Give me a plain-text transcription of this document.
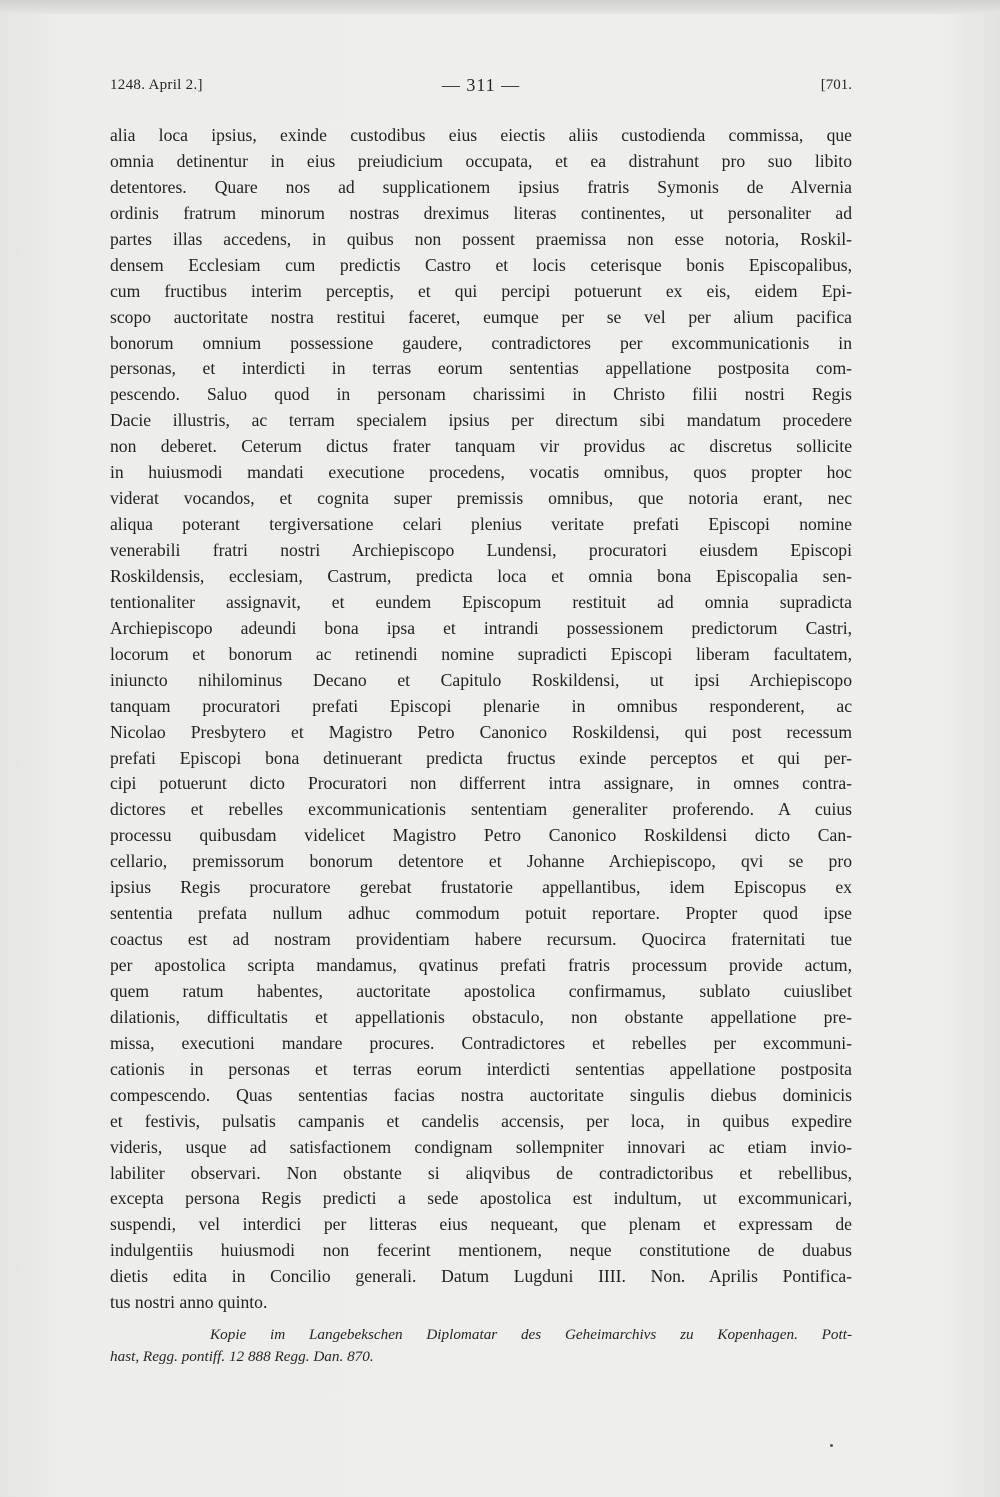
1248. April 2.]	— 311 —	[701.
alia loca ipsius, exinde custodibus eius eiectis aliis custodienda commissa, que
omnia detinentur in eius preiudicium occupata, et ea distrahunt pro suo libito
detentores. Quare nos ad supplicationem ipsius fratris Symonis de Alvernia
ordinis fratrum minorum nostras dreximus literas continentes, ut personaliter ad
partes illas accedens, in quibus non possent praemissa non esse notoria, Roskil-
densem Ecclesiam cum predictis Castro et locis ceterisque bonis Episcopalibus,
cum fructibus interim perceptis, et qui percipi potuerunt ex eis, eidem Epi-
scopo auctoritate nostra restitui faceret, eumque per se vel per alium pacifica
bonorum omnium possessione gaudere, contradictores per excommunicationis in
personas, et interdicti in terras eorum sententias appellatione postposita com-
pescendo. Saluo quod in personam charissimi in Christo filii nostri Regis
Dacie illustris, ac terram specialem ipsius per directum sibi mandatum procedere
non deberet. Ceterum dictus frater tanquam vir providus ac discretus sollicite
in huiusmodi mandati executione procedens, vocatis omnibus, quos propter hoc
viderat vocandos, et cognita super premissis omnibus, que notoria erant, nec
aliqua poterant tergiversatione celari plenius veritate prefati Episcopi nomine
venerabili fratri nostri Archiepiscopo Lundensi, procuratori eiusdem Episcopi
Roskildensis, ecclesiam, Castrum, predicta loca et omnia bona Episcopalia sen-
tentionaliter assignavit, et eundem Episcopum restituit ad omnia supradicta
Archiepiscopo adeundi bona ipsa et intrandi possessionem predictorum Castri,
locorum et bonorum ac retinendi nomine supradicti Episcopi liberam facultatem,
iniuncto nihilominus Decano et Capitulo Roskildensi, ut ipsi Archiepiscopo
tanquam procuratori prefati Episcopi plenarie in omnibus responderent, ac
Nicolao Presbytero et Magistro Petro Canonico Roskildensi, qui post recessum
prefati Episcopi bona detinuerant predicta fructus exinde perceptos et qui per-
cipi potuerunt dicto Procuratori non differrent intra assignare, in omnes contra-
dictores et rebelles excommunicationis sententiam generaliter proferendo. A cuius
processu quibusdam videlicet Magistro Petro Canonico Roskildensi dicto Can-
cellario, premissorum bonorum detentore et Johanne Archiepiscopo, qvi se pro
ipsius Regis procuratore gerebat frustatorie appellantibus, idem Episcopus ex
sententia prefata nullum adhuc commodum potuit reportare. Propter quod ipse
coactus est ad nostram providentiam habere recursum. Quocirca fraternitati tue
per apostolica scripta mandamus, qvatinus prefati fratris processum provide actum,
quem ratum habentes, auctoritate apostolica confirmamus, sublato cuiuslibet
dilationis, difficultatis et appellationis obstaculo, non obstante appellatione pre-
missa, executioni mandare procures. Contradictores et rebelles per excommuni-
cationis in personas et terras eorum interdicti sententias appellatione postposita
compescendo. Quas sententias facias nostra auctoritate singulis diebus dominicis
et festivis, pulsatis campanis et candelis accensis, per loca, in quibus expedire
videris, usque ad satisfactionem condignam sollempniter innovari ac etiam invio-
labiliter observari. Non obstante si aliqvibus de contradictoribus et rebellibus,
excepta persona Regis predicti a sede apostolica est indultum, ut excommunicari,
suspendi, vel interdici per litteras eius nequeant, que plenam et expressam de
indulgentiis huiusmodi non fecerint mentionem, neque constitutione de duabus
dietis edita in Concilio generali. Datum Lugduni IIII. Non. Aprilis Pontifica-
tus nostri anno quinto.
Kopie im Langebekschen Diplomatar des Geheimarchivs zu Kopenhagen. Pott-
hast, Regg. pontiff. 12 888 Regg. Dan. 870.
